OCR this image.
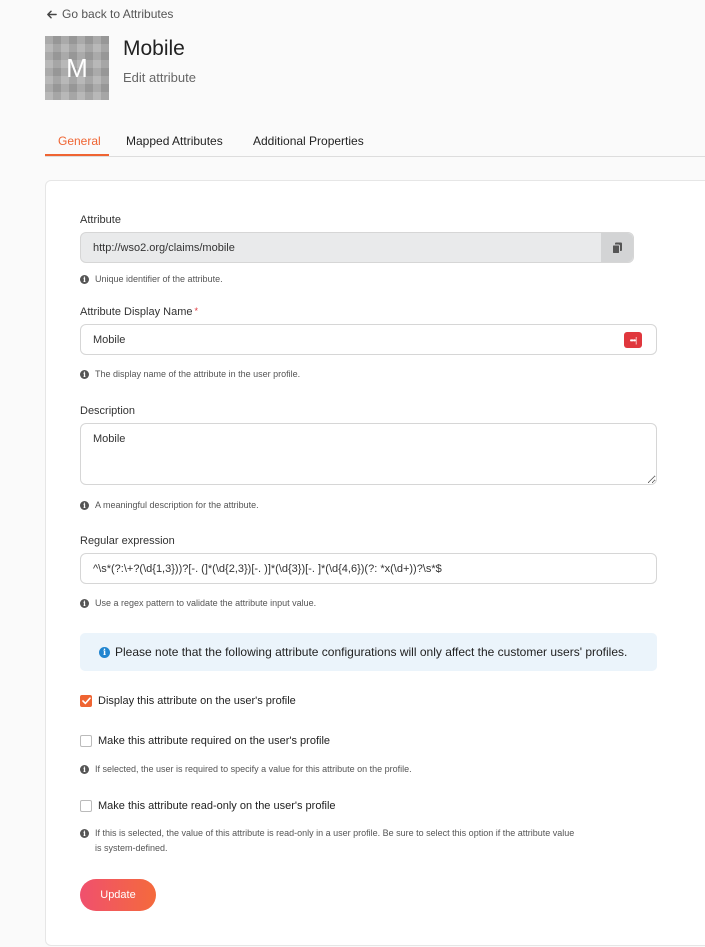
Go back to Attributes
M
Mobile
Edit attribute
General Mapped Attributes	Additional Properties
Attribute
http://wso2.org/claims/mobile
i	Unique identifier of the attribute.
Attribute Display Name *
Mobile	•••|
i	The display name of the attribute in the user profile.
Description
Mobile
i	A meaningful description for the attribute.
Regular expression
^\s*(?:\+?(\d{1,3}))?[-. (]*(\d{2,3})[-. )]*(\d{3})[-. ]*(\d{4,6})(?: *x(\d+))?\s*$
i	Use a regex pattern to validate the attribute input value.
i Please note that the following attribute configurations will only affect the customer users' profiles.
Display this attribute on the user's profile
Make this attribute required on the user's profile
i	If selected, the user is required to specify a value for this attribute on the profile.
Make this attribute read-only on the user's profile
i	If this is selected, the value of this attribute is read-only in a user profile. Be sure to select this option if the attribute value
is system-defined.
Update
